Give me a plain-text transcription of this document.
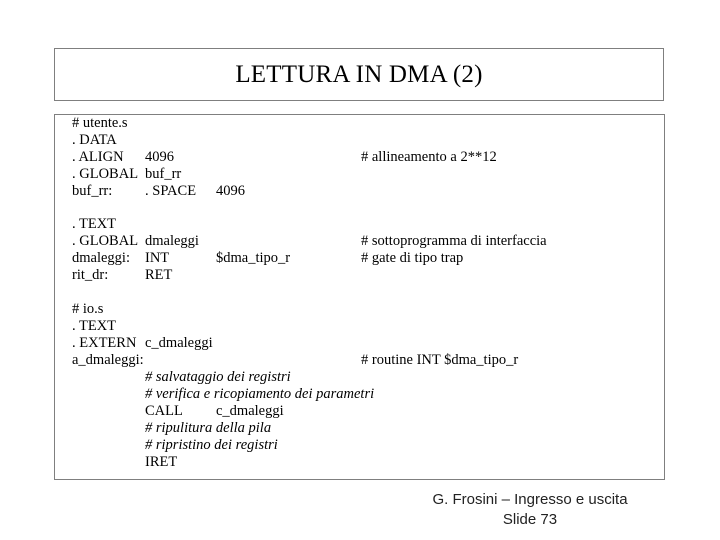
LETTURA IN DMA (2)
# utente.s
. DATA
. ALIGN 4096	# allineamento a 2**12
. GLOBAL buf_rr
buf_rr: . SPACE 4096
. TEXT
. GLOBAL dmaleggi	# sottoprogramma di interfaccia
dmaleggi: INT	$dma_tipo_r	# gate di tipo trap
rit_dr:	RET
# io.s
. TEXT
. EXTERN c_dmaleggi
a_dmaleggi:	# routine INT $dma_tipo_r
# salvataggio dei registri
# verifica e ricopiamento dei parametri
CALL c_dmaleggi
# ripulitura della pila
# ripristino dei registri
IRET
G. Frosini – Ingresso e uscita
Slide 73
